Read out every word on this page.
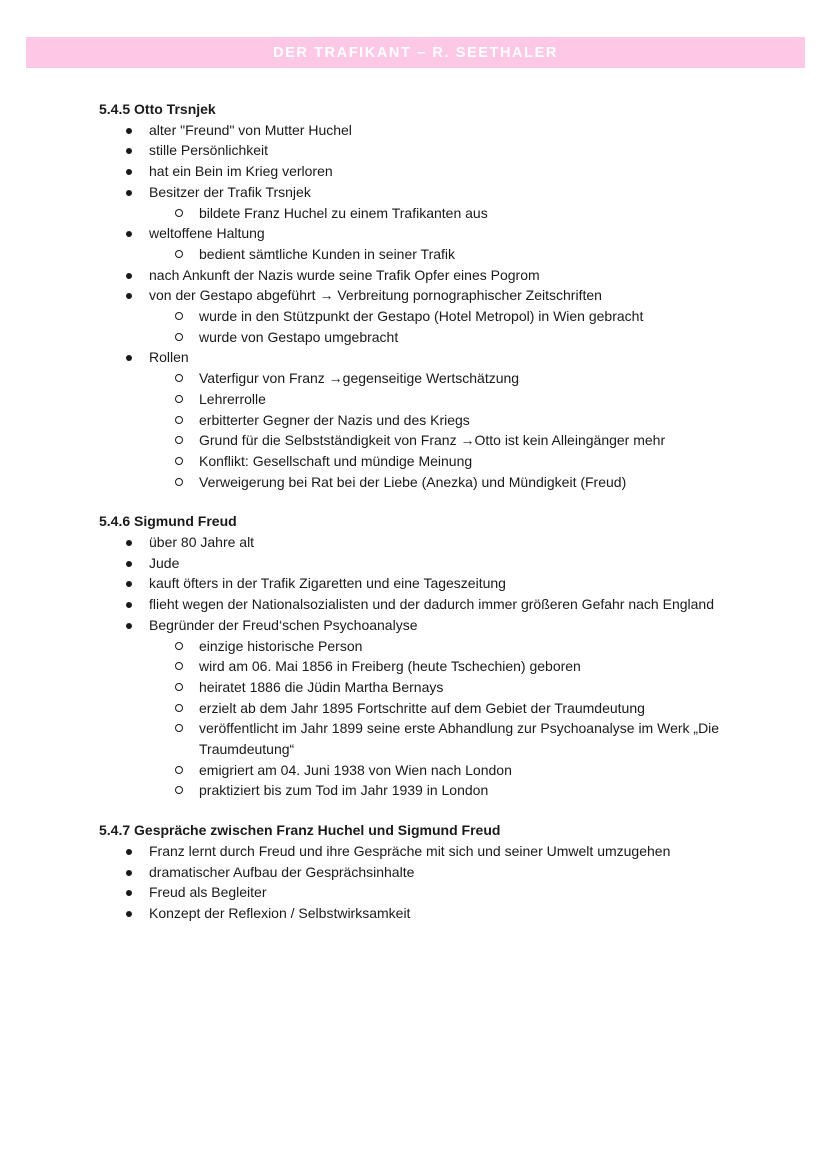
DER TRAFIKANT – R. SEETHALER
5.4.5 Otto Trsnjek
alter "Freund" von Mutter Huchel
stille Persönlichkeit
hat ein Bein im Krieg verloren
Besitzer der Trafik Trsnjek
bildete Franz Huchel zu einem Trafikanten aus
weltoffene Haltung
bedient sämtliche Kunden in seiner Trafik
nach Ankunft der Nazis wurde seine Trafik Opfer eines Pogrom
von der Gestapo abgeführt → Verbreitung pornographischer Zeitschriften
wurde in den Stützpunkt der Gestapo (Hotel Metropol) in Wien gebracht
wurde von Gestapo umgebracht
Rollen
Vaterfigur von Franz →gegenseitige Wertschätzung
Lehrerrolle
erbitterter Gegner der Nazis und des Kriegs
Grund für die Selbstständigkeit von Franz →Otto ist kein Alleingänger mehr
Konflikt: Gesellschaft und mündige Meinung
Verweigerung bei Rat bei der Liebe (Anezka) und Mündigkeit (Freud)
5.4.6 Sigmund Freud
über 80 Jahre alt
Jude
kauft öfters in der Trafik Zigaretten und eine Tageszeitung
flieht wegen der Nationalsozialisten und der dadurch immer größeren Gefahr nach England
Begründer der Freud‘schen Psychoanalyse
einzige historische Person
wird am 06. Mai 1856 in Freiberg (heute Tschechien) geboren
heiratet 1886 die Jüdin Martha Bernays
erzielt ab dem Jahr 1895 Fortschritte auf dem Gebiet der Traumdeutung
veröffentlicht im Jahr 1899 seine erste Abhandlung zur Psychoanalyse im Werk „Die Traumdeutung“
emigriert am 04. Juni 1938 von Wien nach London
praktiziert bis zum Tod im Jahr 1939 in London
5.4.7 Gespräche zwischen Franz Huchel und Sigmund Freud
Franz lernt durch Freud und ihre Gespräche mit sich und seiner Umwelt umzugehen
dramatischer Aufbau der Gesprächsinhalte
Freud als Begleiter
Konzept der Reflexion / Selbstwirksamkeit
